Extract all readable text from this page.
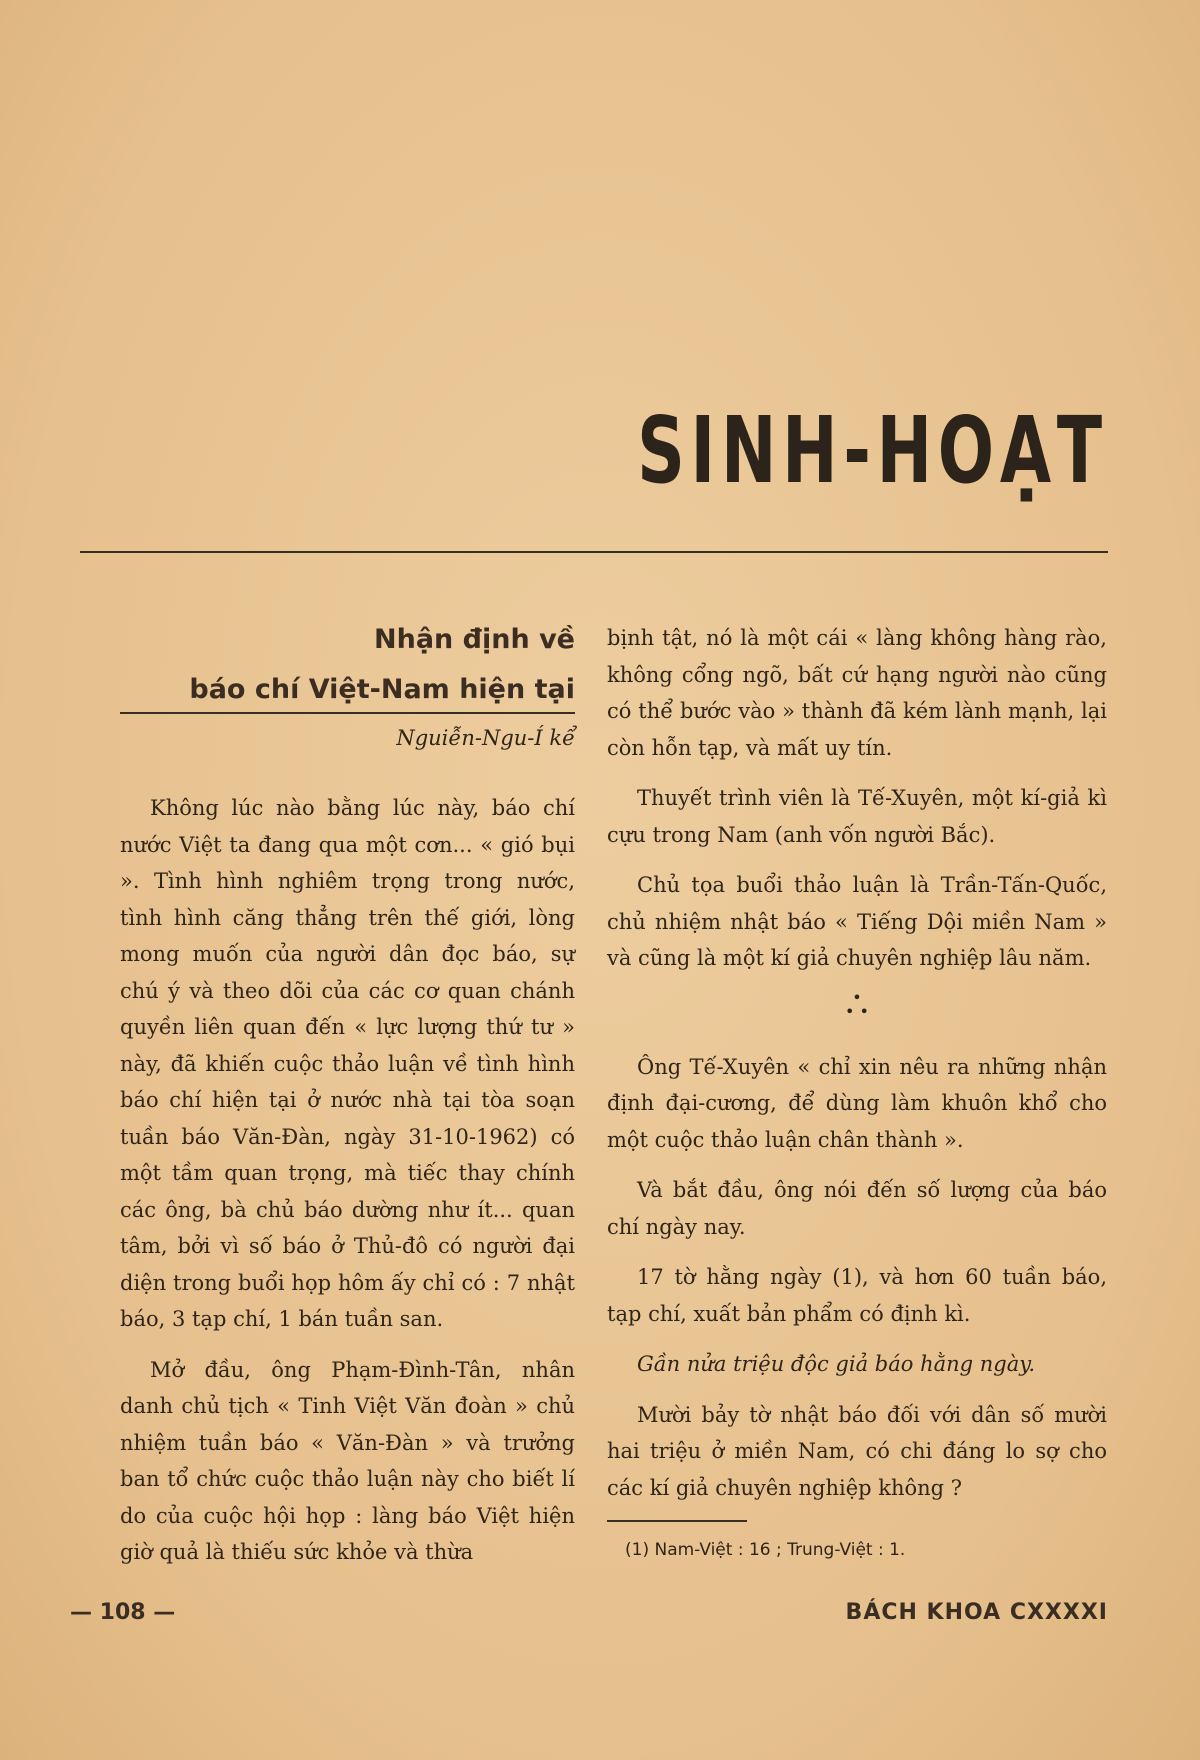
SINH-HOẠT
Nhận định về
báo chí Việt-Nam hiện tại
Nguiễn-Ngu-Í kể

Không lúc nào bằng lúc này, báo chí nước Việt ta đang qua một cơn... « gió bụi ». Tình hình nghiêm trọng trong nước, tình hình căng thẳng trên thế giới, lòng mong muốn của người dân đọc báo, sự chú ý và theo dõi của các cơ quan chánh quyền liên quan đến « lực lượng thứ tư » này, đã khiến cuộc thảo luận về tình hình báo chí hiện tại ở nước nhà tại tòa soạn tuần báo Văn-Đàn, ngày 31-10-1962) có một tầm quan trọng, mà tiếc thay chính các ông, bà chủ báo dường như ít... quan tâm, bởi vì số báo ở Thủ-đô có người đại diện trong buổi họp hôm ấy chỉ có : 7 nhật báo, 3 tạp chí, 1 bán tuần san.

Mở đầu, ông Phạm-Đình-Tân, nhân danh chủ tịch « Tinh Việt Văn đoàn » chủ nhiệm tuần báo « Văn-Đàn » và trưởng ban tổ chức cuộc thảo luận này cho biết lí do của cuộc hội họp : làng báo Việt hiện giờ quả là thiếu sức khỏe và thừa

bịnh tật, nó là một cái « làng không hàng rào, không cổng ngõ, bất cứ hạng người nào cũng có thể bước vào » thành đã kém lành mạnh, lại còn hỗn tạp, và mất uy tín.

Thuyết trình viên là Tế-Xuyên, một kí-giả kì cựu trong Nam (anh vốn người Bắc).

Chủ tọa buổi thảo luận là Trần-Tấn-Quốc, chủ nhiệm nhật báo « Tiếng Dội miền Nam » và cũng là một kí giả chuyên nghiệp lâu năm.

•
• •

Ông Tế-Xuyên « chỉ xin nêu ra những nhận định đại-cương, để dùng làm khuôn khổ cho một cuộc thảo luận chân thành ».

Và bắt đầu, ông nói đến số lượng của báo chí ngày nay.

17 tờ hằng ngày (1), và hơn 60 tuần báo, tạp chí, xuất bản phẩm có định kì.

Gần nửa triệu độc giả báo hằng ngày.

Mười bảy tờ nhật báo đối với dân số mười hai triệu ở miền Nam, có chi đáng lo sợ cho các kí giả chuyên nghiệp không ?

(1) Nam-Việt : 16 ; Trung-Việt : 1.
— 108 —	BÁCH KHOA CXXXXI
